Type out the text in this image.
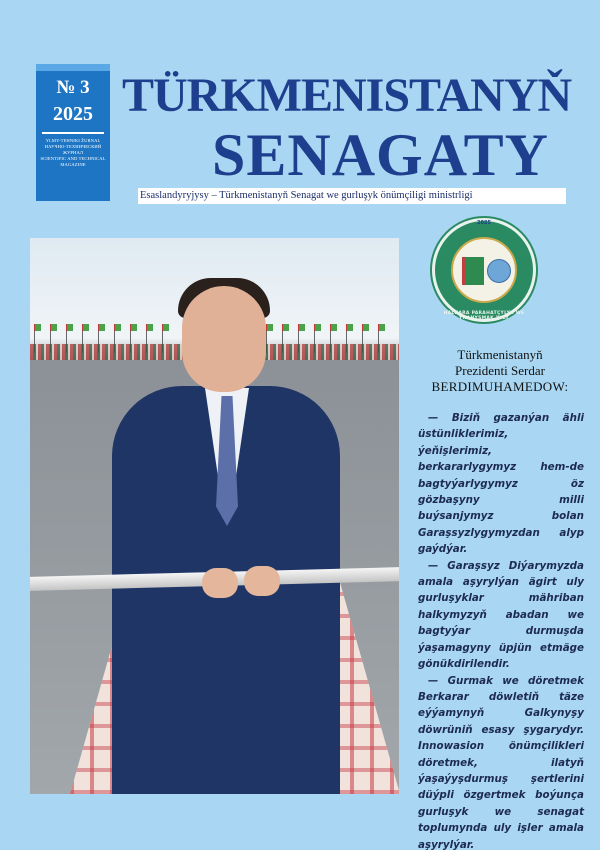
№ 3
2025
YLMY-TEHNIKI ŽURNAL
НАУЧНО-ТЕХНИЧЕСКИЙ ЖУРНАЛ
SCIENTIFIC AND TECHNICAL MAGAZINE
TÜRKMENISTANYŇ
SENAGATY
Esaslandyryjysy – Türkmenistanyň Senagat we gurluşyk önümçiligi ministrligi
2025
HALKARA PARAHATÇYLYK WE YNANYŞMAK ÝYLY
Türkmenistanyň
Prezidenti Serdar
BERDIMUHAMEDOW:

— Biziň gazanýan ähli üstünliklerimiz, ýeňişlerimiz, berkararlygymyz hem-de bagtyýarlygymyz öz gözbaşyny milli buýsanjymyz bolan Garaşsyzlygymyzdan alyp gaýdýar.

— Garaşsyz Diýarymyzda amala aşyrylýan ägirt uly gurluşyklar mähriban halkymyzyň abadan we bagtyýar durmuşda ýaşamagyny üpjün etmäge gönükdirilendir.

— Gurmak we döretmek Berkarar döwletiň täze eýýamynyň Galkynyşy döwrüniň esasy şygarydyr. Innowasion önümçilikleri döretmek, ilatyň ýaşaýyşdurmuş şertlerini düýpli özgertmek boýunça gurluşyk we senagat toplumynda uly işler amala aşyrylýar.
